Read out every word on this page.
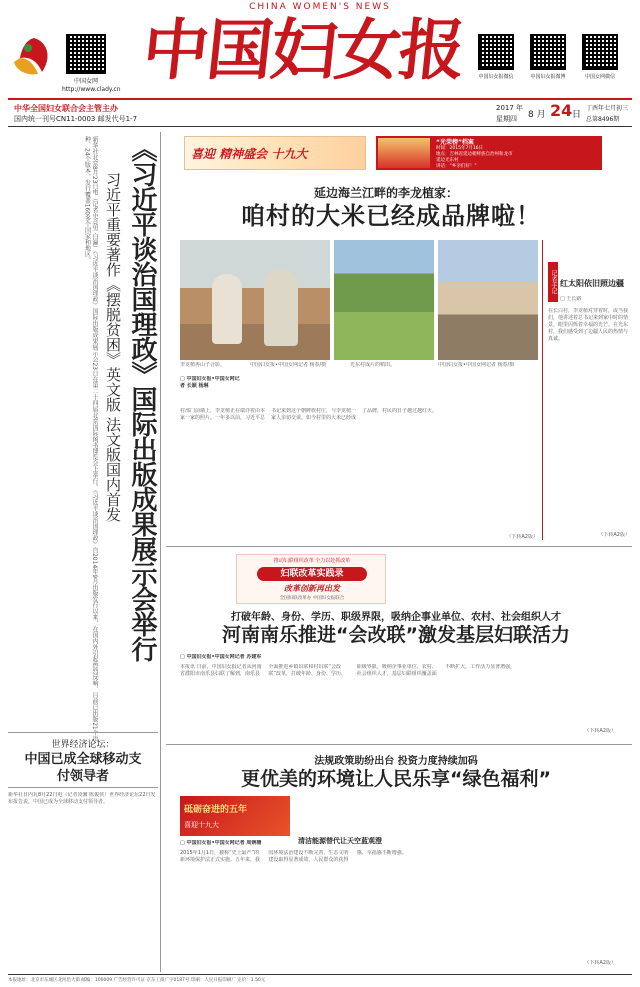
CHINA WOMEN'S NEWS
中国女网
http://www.clady.cn
中国妇女报	中国妇女报微信	中国妇女报微博	中国女网微信
中华全国妇女联合会主管主办
国内统一刊号CN11-0003 邮发代号1-7
2017 年
星期四 8 月 24 日
丁酉年七月初三
总第8496期
《习近平谈治国理政》国际出版成果展示会举行
习近平重要著作《摆脱贫困》英文版 法文版国内首发
新华社北京8月23日电（记者史竞男 白瀛）《习近平谈治国理政》国际出版成果展示会23日在第二十四届北京国际图书博览会上举行。《习近平谈治国理政》自2014年9月出版发行以来，在国内外引起热烈反响，目前已出版21个语种、24个版本，发行覆盖160多个国家和地区。
世界经济论坛：
中国已成全球移动支付领导者
新华社日内瓦8月22日电（记者凌馨 陈俊侠）世界经济论坛22日发布报告说，中国已成为全球移动支付领导者。
喜迎 精神盛会 十九大
“光荣榜”档案
时间：2015年7月16日
地点：吉林省延边朝鲜族自治州和龙市
延边光东村
讲话：“乡亲们好！”
延边海兰江畔的李龙植家：
咱村的大米已经成品牌啦！
李龙植再山子合影。	中国妇女报•中国女网记者 杨春/摄	光东村成片的稻田。	中国妇女报•中国女网记者 杨春/摄
□ 中国妇女报•中国女网记者 长颖 杨琳
村部门前墙上，李龙植正在端详着由本家一家的照片。一年多以前，习近平总书记来到这个朝鲜族村庄，与李龙植一家人亲切交谈。如今村里的大米已经成了品牌，村民的日子越过越红火。
（下转A2版）
记者手记 红太阳依旧照边疆
□ 王长路
在长白村，李龙植对穿着时，或当我们，他讲述着总书记来到家中时的情景，眼里闪烁着幸福的光芒。在光东村，我们感受到了边疆人民的热情与真诚。
（下转A2版）
推动妇联组织改革 全力以赴抓改革
妇联改革实践录
改革创新再出发
全国妇联改革办 中国妇女报联合
打破年龄、身份、学历、职级界限，吸纳企事业单位、农村、社会组织人才
河南南乐推进“会改联”激发基层妇联活力
□ 中国妇女报•中国女网记者 苏建军
本报讯 日前，中国妇女报记者从河南省濮阳市南乐县妇联了解到，南乐县全面推进乡镇妇联和村妇联“会改联”改革，打破年龄、身份、学历、职级界限，吸纳企事业单位、农村、社会组织人才，基层妇联组织覆盖面不断扩大，工作活力显著增强。
（下转A2版）
法规政策助纷出台 投资力度持续加码
更优美的环境让人民乐享“绿色福利”
砥砺奋进的五年
喜迎十九大
□ 中国妇女报•中国女网记者 周婉楠
2015年1月1日，被称“史上最严”的新环境保护法正式实施。五年来，我国环境法治建设不断完善，生态文明建设取得显著成效，人民群众的获得感、幸福感不断增强。
清洁能源替代让天空蓝观澄
（下转A2版）
本报地址：北京市东城区北河沿大街 邮编：100009 广告经营许可证 京东工商广字0187号 印刷：人民日报印刷厂 定价：1.50元
